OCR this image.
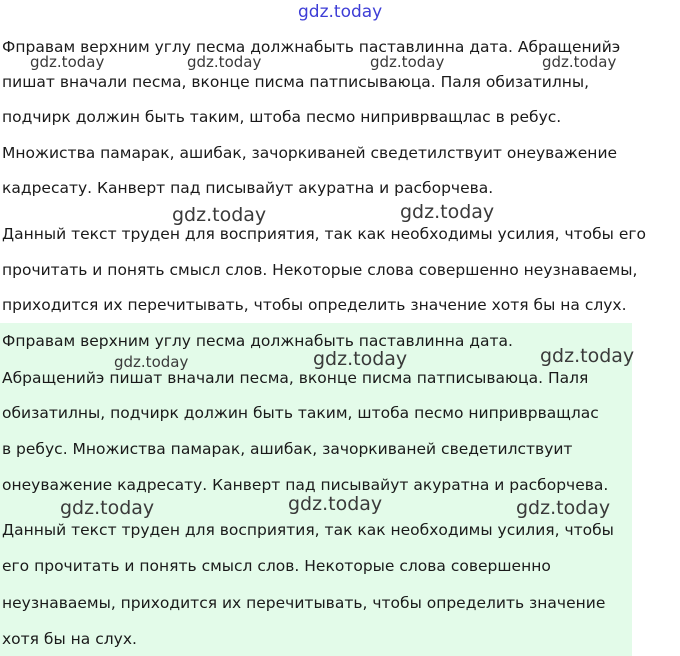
gdz.today
Фправам верхним углу песма должнабыть паставлинна дата. Абращенийэ
пишат вначали песма, вконце писма патписываюца. Паля обизатилны,
подчирк должин быть таким, штоба песмо ниприврващлас в ребус.
Множиства памарак, ашибак, зачоркиваней сведетилствуит онеуважение
кадресату. Канверт пад писывайут акуратна и расборчева.
Данный текст труден для восприятия, так как необходимы усилия, чтобы его
прочитать и понять смысл слов. Некоторые слова совершенно неузнаваемы,
приходится их перечитывать, чтобы определить значение хотя бы на слух.
Фправам верхним углу песма должнабыть паставлинна дата.
Абращенийэ пишат вначали песма, вконце писма патписываюца. Паля
обизатилны, подчирк должин быть таким, штоба песмо ниприврващлас
в ребус. Множиства памарак, ашибак, зачоркиваней сведетилствуит
онеуважение кадресату. Канверт пад писывайут акуратна и расборчева.
Данный текст труден для восприятия, так как необходимы усилия, чтобы
его прочитать и понять смысл слов. Некоторые слова совершенно
неузнаваемы, приходится их перечитывать, чтобы определить значение
хотя бы на слух.
gdz.today	gdz.today	gdz.today	gdz.today
gdz.today	gdz.today
gdz.today	gdz.today	gdz.today
gdz.today	gdz.today	gdz.today
